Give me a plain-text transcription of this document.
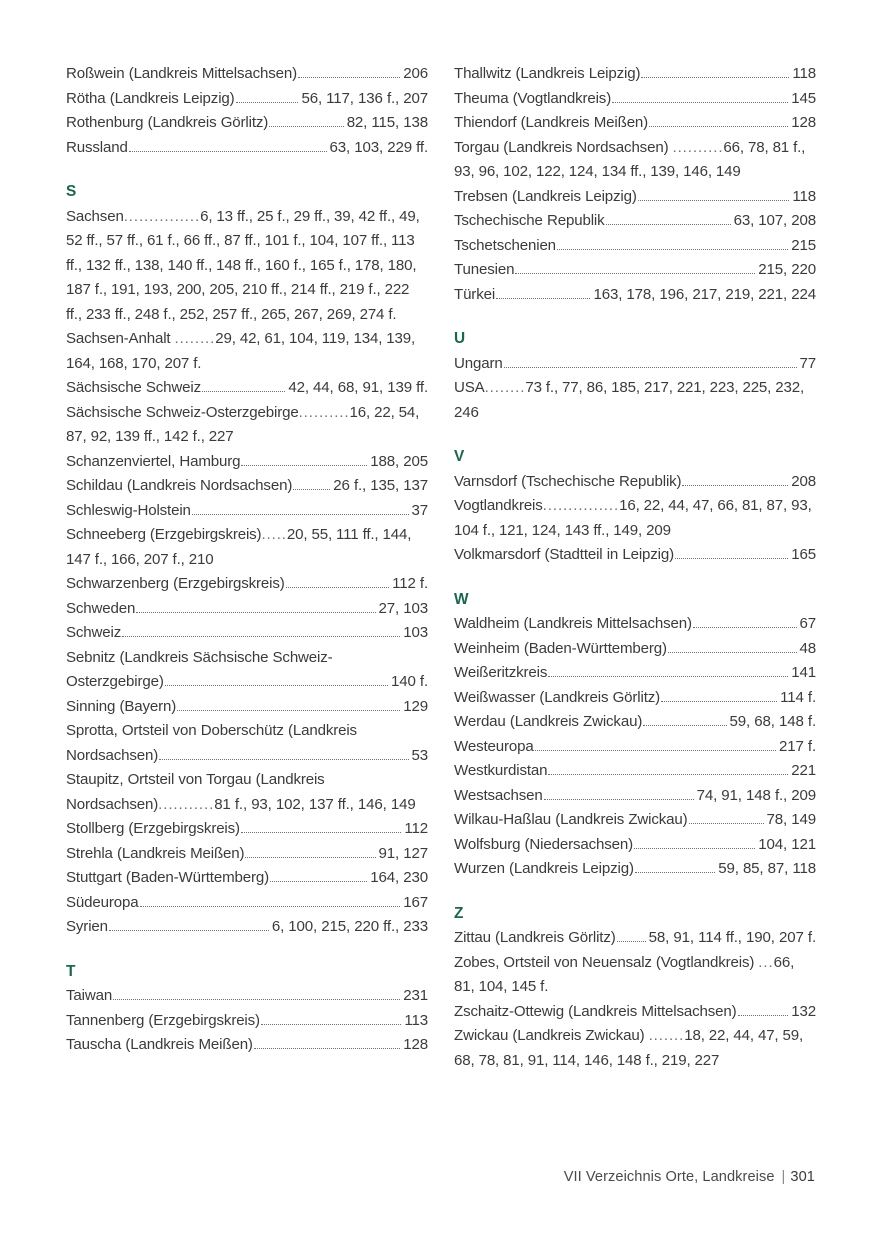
Roßwein (Landkreis Mittelsachsen)	206
Rötha (Landkreis Leipzig)	56, 117, 136 f., 207
Rothenburg (Landkreis Görlitz)	82, 115, 138
Russland	63, 103, 229 ff.
S
Sachsen...............6, 13 ff., 25 f., 29 ff., 39, 42 ff., 49, 52 ff., 57 ff., 61 f., 66 ff., 87 ff., 101 f., 104, 107 ff., 113 ff., 132 ff., 138, 140 ff., 148 ff., 160 f., 165 f., 178, 180, 187 f., 191, 193, 200, 205, 210 ff., 214 ff., 219 f., 222 ff., 233 ff., 248 f., 252, 257 ff., 265, 267, 269, 274 f.
Sachsen-Anhalt ........29, 42, 61, 104, 119, 134, 139, 164, 168, 170, 207 f.
Sächsische Schweiz	42, 44, 68, 91, 139 ff.
Sächsische Schweiz-Osterzgebirge..........16, 22, 54, 87, 92, 139 ff., 142 f., 227
Schanzenviertel, Hamburg	188, 205
Schildau (Landkreis Nordsachsen)	26 f., 135, 137
Schleswig-Holstein	37
Schneeberg (Erzgebirgskreis).....20, 55, 111 ff., 144, 147 f., 166, 207 f., 210
Schwarzenberg (Erzgebirgskreis)	112 f.
Schweden	27, 103
Schweiz	103
Sebnitz (Landkreis Sächsische Schweiz-
Osterzgebirge)	140 f.
Sinning (Bayern)	129
Sprotta, Ortsteil von Doberschütz (Landkreis
Nordsachsen)	53
Staupitz, Ortsteil von Torgau (Landkreis
Nordsachsen)...........81 f., 93, 102, 137 ff., 146, 149
Stollberg (Erzgebirgskreis)	112
Strehla (Landkreis Meißen)	91, 127
Stuttgart (Baden-Württemberg)	164, 230
Südeuropa	167
Syrien	6, 100, 215, 220 ff., 233
T
Taiwan	231
Tannenberg (Erzgebirgskreis)	113
Tauscha (Landkreis Meißen)	128
Thallwitz (Landkreis Leipzig)	118
Theuma (Vogtlandkreis)	145
Thiendorf (Landkreis Meißen)	128
Torgau (Landkreis Nordsachsen) ..........66, 78, 81 f., 93, 96, 102, 122, 124, 134 ff., 139, 146, 149
Trebsen (Landkreis Leipzig)	118
Tschechische Republik	63, 107, 208
Tschetschenien	215
Tunesien	215, 220
Türkei	163, 178, 196, 217, 219, 221, 224
U
Ungarn	77
USA........73 f., 77, 86, 185, 217, 221, 223, 225, 232, 246
V
Varnsdorf (Tschechische Republik)	208
Vogtlandkreis...............16, 22, 44, 47, 66, 81, 87, 93, 104 f., 121, 124, 143 ff., 149, 209
Volkmarsdorf (Stadtteil in Leipzig)	165
W
Waldheim (Landkreis Mittelsachsen)	67
Weinheim (Baden-Württemberg)	48
Weißeritzkreis	141
Weißwasser (Landkreis Görlitz)	114 f.
Werdau (Landkreis Zwickau)	59, 68, 148 f.
Westeuropa	217 f.
Westkurdistan	221
Westsachsen	74, 91, 148 f., 209
Wilkau-Haßlau (Landkreis Zwickau)	78, 149
Wolfsburg (Niedersachsen)	104, 121
Wurzen (Landkreis Leipzig)	59, 85, 87, 118
Z
Zittau (Landkreis Görlitz) 58, 91, 114 ff., 190, 207 f.
Zobes, Ortsteil von Neuensalz (Vogtlandkreis) ...66, 81, 104, 145 f.
Zschaitz-Ottewig (Landkreis Mittelsachsen)	132
Zwickau (Landkreis Zwickau) .......18, 22, 44, 47, 59, 68, 78, 81, 91, 114, 146, 148 f., 219, 227
VII Verzeichnis Orte, Landkreise | 301
